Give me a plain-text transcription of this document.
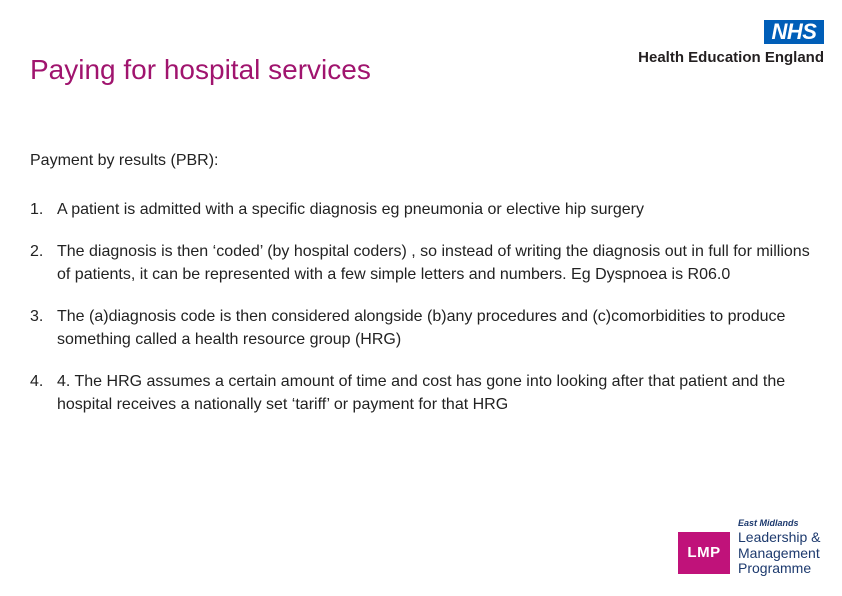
Paying for hospital services
NHS
Health Education England

Payment by results (PBR):

1. A patient is admitted with a specific diagnosis eg pneumonia or elective hip surgery
2. The diagnosis is then ‘coded’ (by hospital coders) , so instead of writing the diagnosis out in full for millions of patients, it can be represented with a few simple letters and numbers. Eg Dyspnoea is R06.0
3. The (a)diagnosis code is then considered alongside (b)any procedures and (c)comorbidities to produce something called a health resource group (HRG)
4. 4. The HRG assumes a certain amount of time and cost has gone into looking after that patient and the hospital receives a nationally set ‘tariff’ or payment for that HRG
LMP
East Midlands
Leadership &
Management
Programme
